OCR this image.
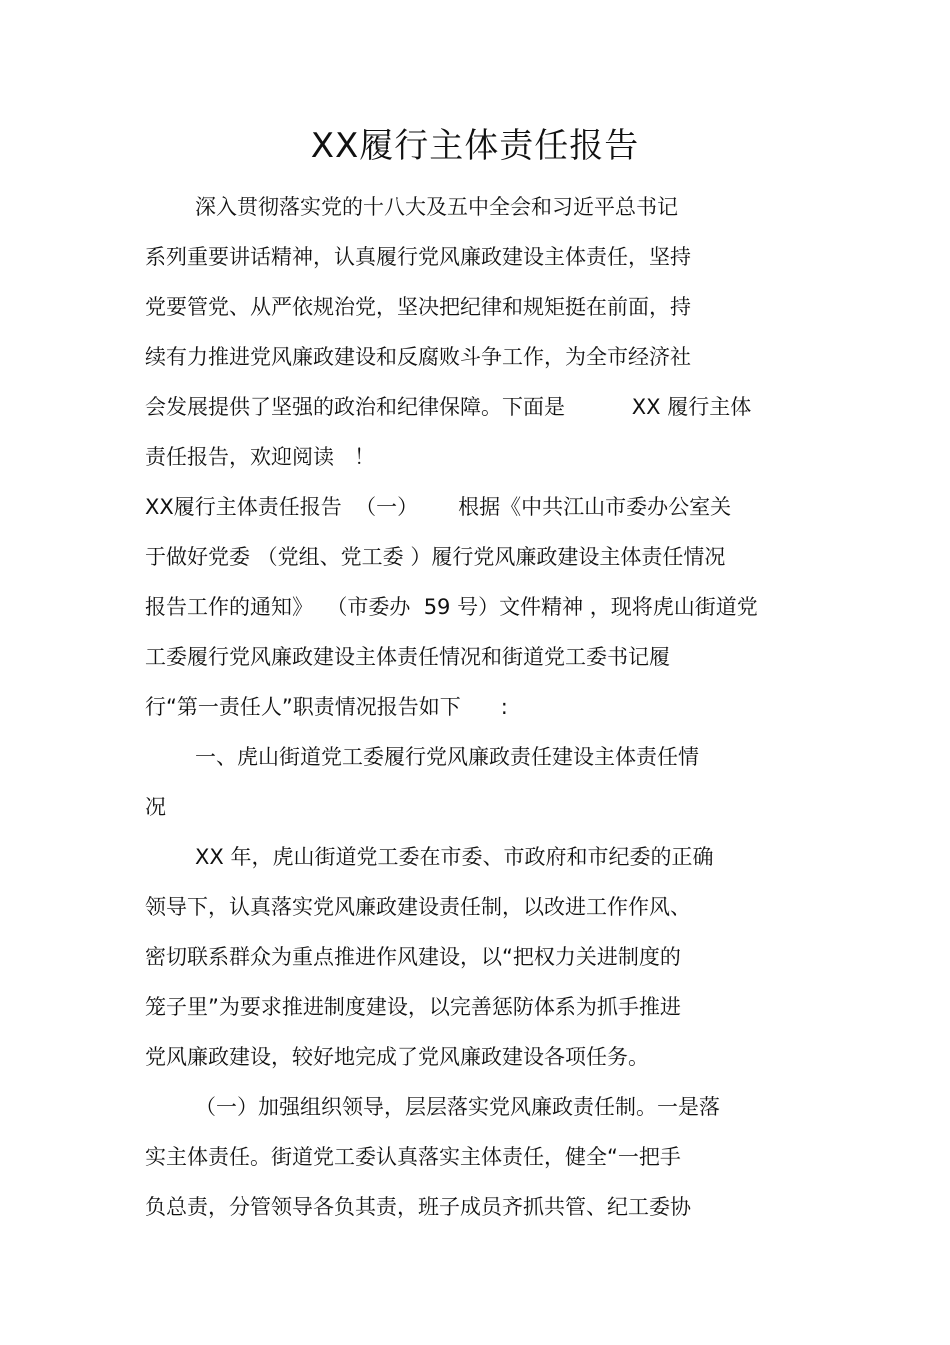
XX履行主体责任报告

深入贯彻落实党的十八大及五中全会和习近平总书记

系列重要讲话精神，认真履行党风廉政建设主体责任，坚持

党要管党、从严依规治党，坚决把纪律和规矩挺在前面，持

续有力推进党风廉政建设和反腐败斗争工作，为全市经济社

会发展提供了坚强的政治和纪律保障。下面是          XX 履行主体

责任报告，欢迎阅读   ！

XX履行主体责任报告  （一）      根据《中共江山市委办公室关

于做好党委 （党组、党工委 ）履行党风廉政建设主体责任情况

报告工作的通知》  （市委办  59 号）文件精神 ，现将虎山街道党

工委履行党风廉政建设主体责任情况和街道党工委书记履

行“第一责任人”职责情况报告如下      :

一、虎山街道党工委履行党风廉政责任建设主体责任情

况

XX 年，虎山街道党工委在市委、市政府和市纪委的正确

领导下，认真落实党风廉政建设责任制，以改进工作作风、

密切联系群众为重点推进作风建设，以“把权力关进制度的

笼子里”为要求推进制度建设，以完善惩防体系为抓手推进

党风廉政建设，较好地完成了党风廉政建设各项任务。

（一）加强组织领导，层层落实党风廉政责任制。一是落

实主体责任。街道党工委认真落实主体责任，健全“一把手

负总责，分管领导各负其责，班子成员齐抓共管、纪工委协
